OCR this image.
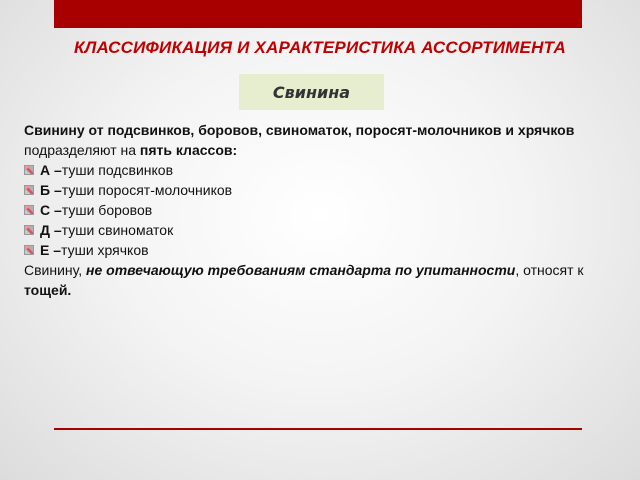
КЛАССИФИКАЦИЯ И ХАРАКТЕРИСТИКА АССОРТИМЕНТА
Свинина

Свинину от подсвинков, боровов, свиноматок, поросят-молочников и хрячков подразделяют на пять классов:

А – туши подсвинков
Б – туши поросят-молочников
С – туши боровов
Д – туши свиноматок
Е – туши хрячков

Свинину, не отвечающую требованиям стандарта по упитанности, относят к тощей.
